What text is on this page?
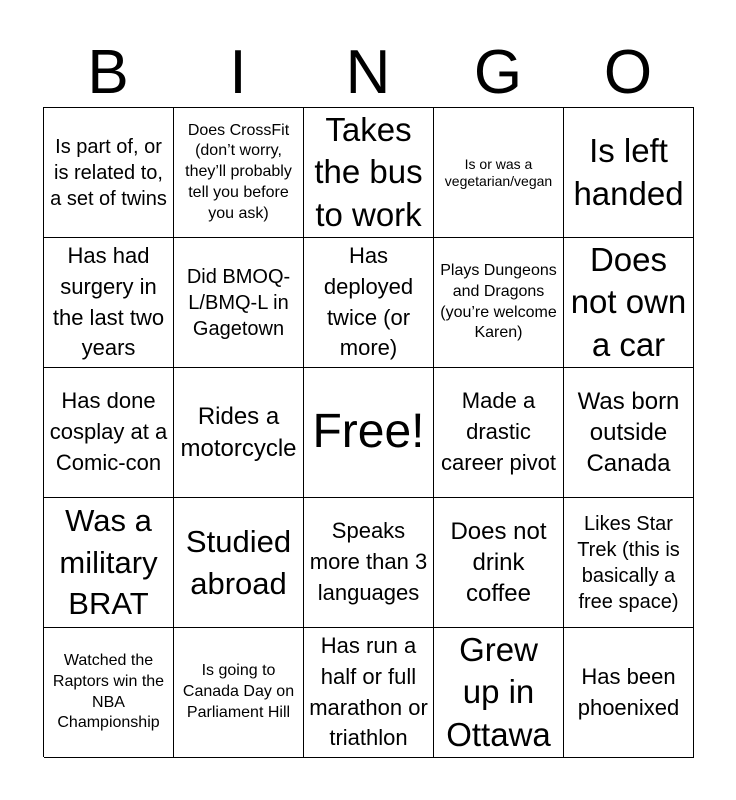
B	I	N	G	O
Is part of, or is related to, a set of twins
Does CrossFit (don’t worry, they’ll probably tell you before you ask)
Takes the bus to work
Is or was a vegetarian/vegan
Is left handed
Has had surgery in the last two years
Did BMOQ-L/BMQ-L in Gagetown
Has deployed twice (or more)
Plays Dungeons and Dragons (you’re welcome Karen)
Does not own a car
Has done cosplay at a Comic-con
Rides a motorcycle Free!
Made a drastic career pivot
Was born outside Canada
Was a military BRAT
Studied abroad
Speaks more than 3 languages
Does not drink coffee
Likes Star Trek (this is basically a free space)
Watched the Raptors win the NBA Championship
Is going to Canada Day on Parliament Hill
Has run a half or full marathon or triathlon
Grew up in Ottawa
Has been phoenixed
